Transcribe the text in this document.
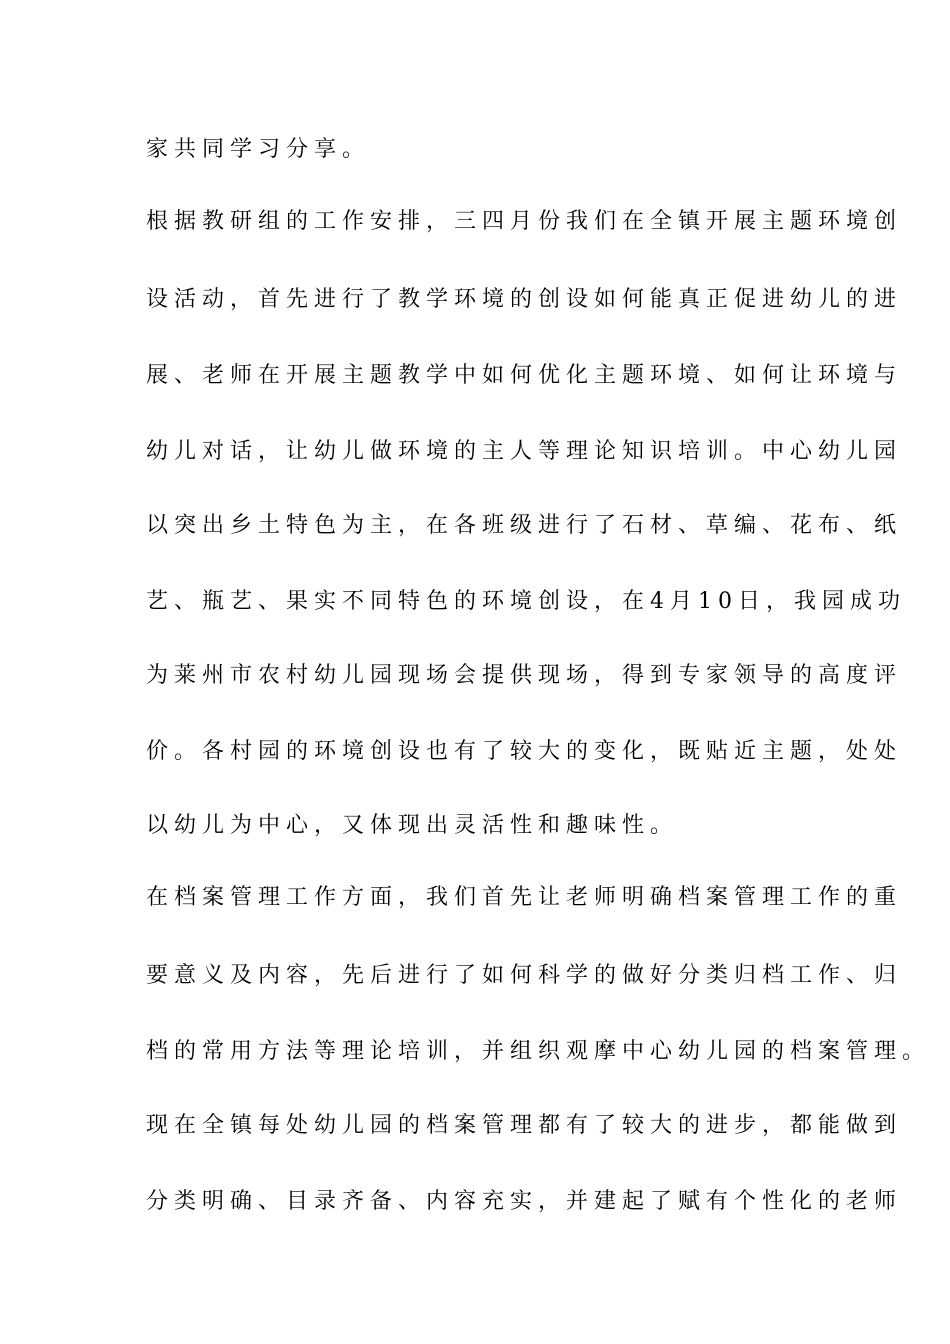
家共同学习分享。
根据教研组的工作安排，三四月份我们在全镇开展主题环境创
设活动，首先进行了教学环境的创设如何能真正促进幼儿的进
展、老师在开展主题教学中如何优化主题环境、如何让环境与
幼儿对话，让幼儿做环境的主人等理论知识培训。中心幼儿园
以突出乡土特色为主，在各班级进行了石材、草编、花布、纸
艺、瓶艺、果实不同特色的环境创设，在4月10日，我园成功
为莱州市农村幼儿园现场会提供现场，得到专家领导的高度评
价。各村园的环境创设也有了较大的变化，既贴近主题，处处
以幼儿为中心，又体现出灵活性和趣味性。
在档案管理工作方面，我们首先让老师明确档案管理工作的重
要意义及内容，先后进行了如何科学的做好分类归档工作、归
档的常用方法等理论培训，并组织观摩中心幼儿园的档案管理。
现在全镇每处幼儿园的档案管理都有了较大的进步，都能做到
分类明确、目录齐备、内容充实，并建起了赋有个性化的老师
